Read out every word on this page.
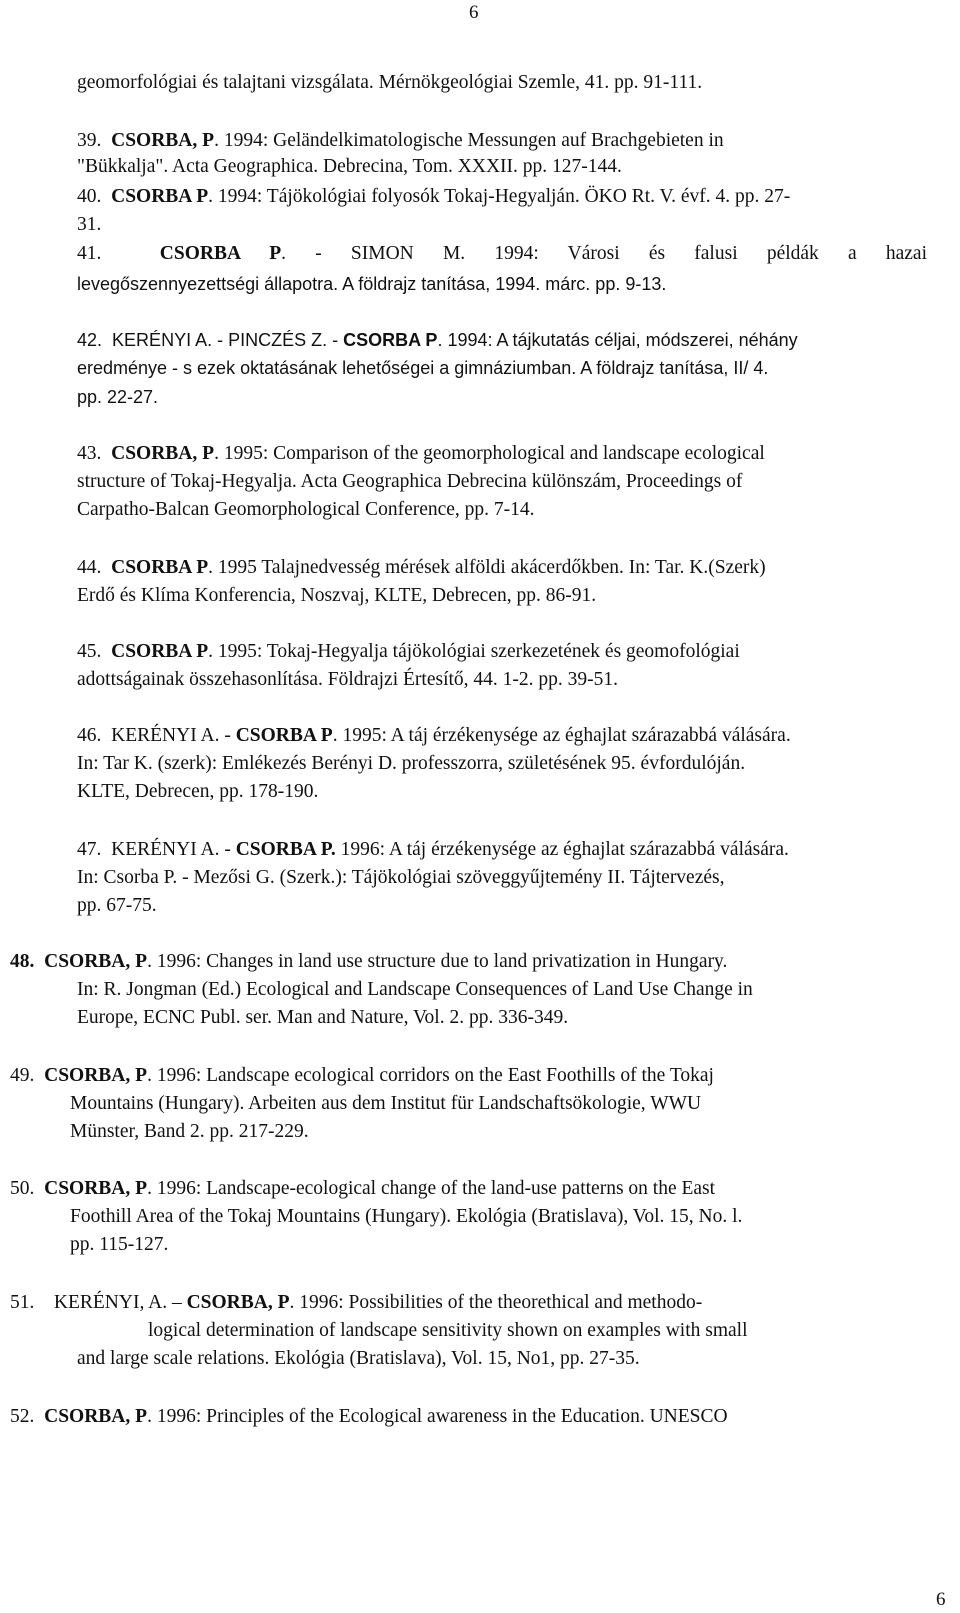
6
geomorfológiai és talajtani vizsgálata. Mérnökgeológiai Szemle, 41. pp. 91-111.
39. CSORBA, P. 1994: Geländelkimatologische Messungen auf Brachgebieten in
"Bükkalja". Acta Geographica. Debrecina, Tom. XXXII. pp. 127-144.
40. CSORBA P. 1994: Tájökológiai folyosók Tokaj-Hegyalján. ÖKO Rt. V. évf. 4. pp. 27-
31.
41.	CSORBA P. - SIMON M. 1994: Városi és falusi példák a hazai
levegőszennyezettségi állapotra. A földrajz tanítása, 1994. márc. pp. 9-13.
42. KERÉNYI A. - PINCZÉS Z. - CSORBA P. 1994: A tájkutatás céljai, módszerei, néhány
eredménye - s ezek oktatásának lehetőségei a gimnáziumban. A földrajz tanítása, II/ 4.
pp. 22-27.
43. CSORBA, P. 1995: Comparison of the geomorphological and landscape ecological
structure of Tokaj-Hegyalja. Acta Geographica Debrecina különszám, Proceedings of
Carpatho-Balcan Geomorphological Conference, pp. 7-14.
44. CSORBA P. 1995 Talajnedvesség mérések alföldi akácerdőkben. In: Tar. K.(Szerk)
Erdő és Klíma Konferencia, Noszvaj, KLTE, Debrecen, pp. 86-91.
45. CSORBA P. 1995: Tokaj-Hegyalja tájökológiai szerkezetének és geomofológiai
adottságainak összehasonlítása. Földrajzi Értesítő, 44. 1-2. pp. 39-51.
46. KERÉNYI A. - CSORBA P. 1995: A táj érzékenysége az éghajlat szárazabbá válására.
In: Tar K. (szerk): Emlékezés Berényi D. professzorra, születésének 95. évfordulóján.
KLTE, Debrecen, pp. 178-190.
47. KERÉNYI A. - CSORBA P. 1996: A táj érzékenysége az éghajlat szárazabbá válására.
In: Csorba P. - Mezősi G. (Szerk.): Tájökológiai szöveggyűjtemény II. Tájtervezés,
pp. 67-75.
48. CSORBA, P. 1996: Changes in land use structure due to land privatization in Hungary.
In: R. Jongman (Ed.) Ecological and Landscape Consequences of Land Use Change in
Europe, ECNC Publ. ser. Man and Nature, Vol. 2. pp. 336-349.
49. CSORBA, P. 1996: Landscape ecological corridors on the East Foothills of the Tokaj
Mountains (Hungary). Arbeiten aus dem Institut für Landschaftsökologie, WWU
Münster, Band 2. pp. 217-229.
50. CSORBA, P. 1996: Landscape-ecological change of the land-use patterns on the East
Foothill Area of the Tokaj Mountains (Hungary). Ekológia (Bratislava), Vol. 15, No. l.
pp. 115-127.
51. KERÉNYI, A. – CSORBA, P. 1996: Possibilities of the theorethical and methodo-
logical determination of landscape sensitivity shown on examples with small
and large scale relations. Ekológia (Bratislava), Vol. 15, No1, pp. 27-35.
52. CSORBA, P. 1996: Principles of the Ecological awareness in the Education. UNESCO
6
